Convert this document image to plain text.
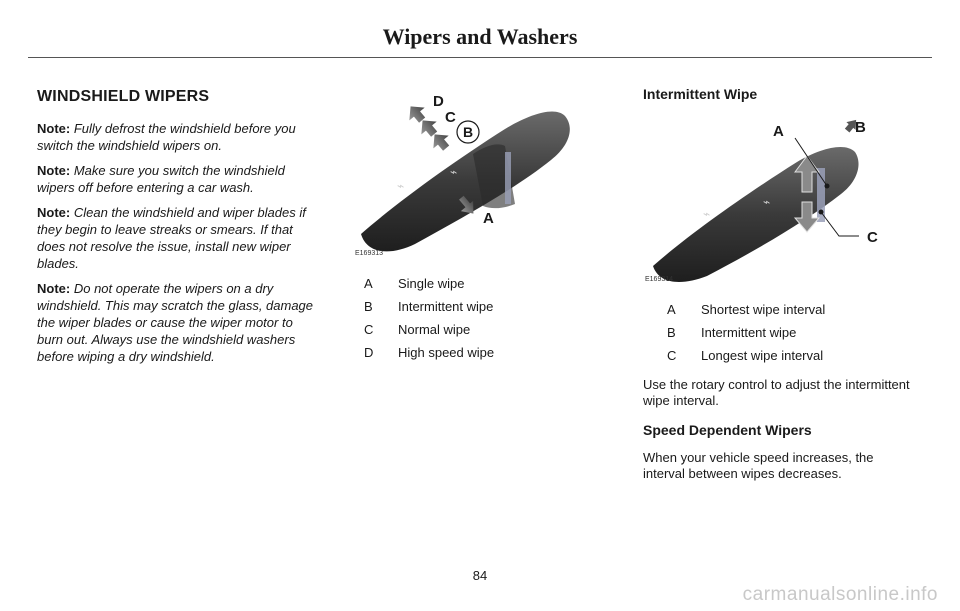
Wipers and Washers
WINDSHIELD WIPERS

Note: Fully defrost the windshield before you switch the windshield wipers on.

Note: Make sure you switch the windshield wipers off before entering a car wash.

Note: Clean the windshield and wiper blades if they begin to leave streaks or smears. If that does not resolve the issue, install new wiper blades.

Note: Do not operate the wipers on a dry windshield. This may scratch the glass, damage the wiper blades or cause the wiper motor to burn out. Always use the windshield washers before wiping a dry windshield.

⌁
⌁
B
D
C
A
E169313
A	Single wipe
B	Intermittent wipe
C	Normal wipe
D	High speed wipe
Intermittent Wipe
⌁
⌁
A	B
C
E169314
A	Shortest wipe interval
B	Intermittent wipe
C	Longest wipe interval

Use the rotary control to adjust the intermittent wipe interval.

Speed Dependent Wipers

When your vehicle speed increases, the interval between wipes decreases.

84
carmanualsonline.info
